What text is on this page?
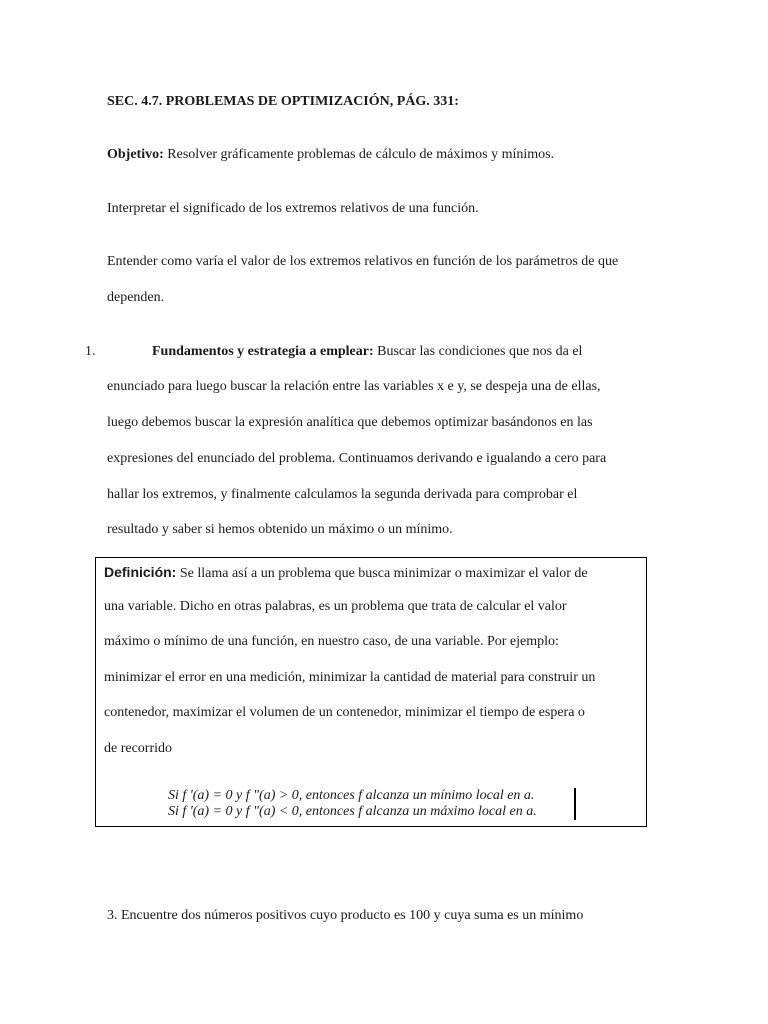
SEC. 4.7. PROBLEMAS DE OPTIMIZACIÓN, PÁG. 331:
Objetivo: Resolver gráficamente problemas de cálculo de máximos y mínimos.
Interpretar el significado de los extremos relativos de una función.
Entender como varía el valor de los extremos relativos en función de los parámetros de que
dependen.
1.	Fundamentos y estrategia a emplear: Buscar las condiciones que nos da el
enunciado para luego buscar la relación entre las variables x e y, se despeja una de ellas,
luego debemos buscar la expresión analítica que debemos optimizar basándonos en las
expresiones del enunciado del problema. Continuamos derivando e igualando a cero para
hallar los extremos, y finalmente calculamos la segunda derivada para comprobar el
resultado y saber si hemos obtenido un máximo o un mínimo.
Definición: Se llama así a un problema que busca minimizar o maximizar el valor de
una variable. Dicho en otras palabras, es un problema que trata de calcular el valor
máximo o mínimo de una función, en nuestro caso, de una variable. Por ejemplo:
minimizar el error en una medición, minimizar la cantidad de material para construir un
contenedor, maximizar el volumen de un contenedor, minimizar el tiempo de espera o
de recorrido
Si f '(a) = 0 y f "(a) > 0, entonces f alcanza un mínimo local en a.
Si f '(a) = 0 y f "(a) < 0, entonces f alcanza un máximo local en a.
3. Encuentre dos números positivos cuyo producto es 100 y cuya suma es un mínimo
